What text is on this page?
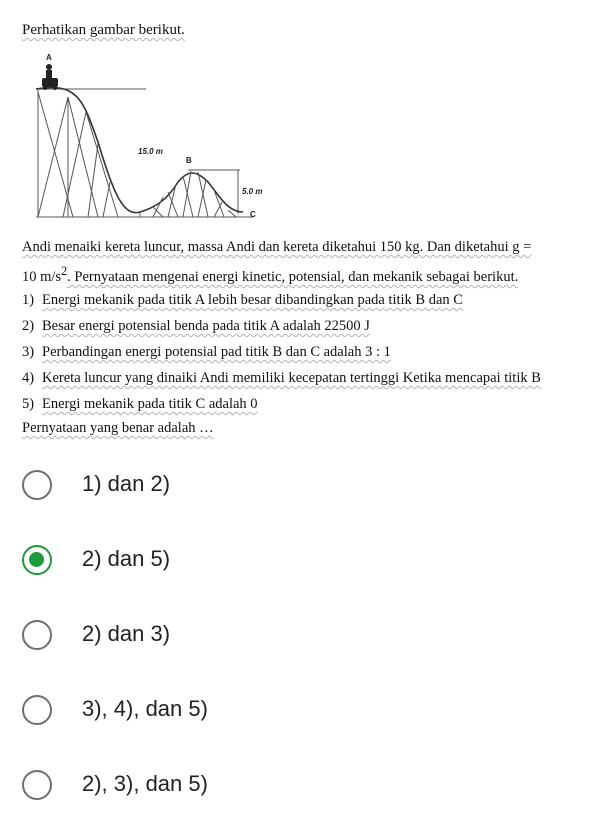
Perhatikan gambar berikut.
A
B
C
15.0 m
5.0 m
Andi menaiki kereta luncur, massa Andi dan kereta diketahui 150 kg. Dan diketahui g =
10 $m/s^2$. Pernyataan mengenai energi kinetic, potensial, dan mekanik sebagai berikut.
1) Energi mekanik pada titik A lebih besar dibandingkan pada titik B dan C
2) Besar energi potensial benda pada titik A adalah 22500 J
3) Perbandingan energi potensial pad titik B dan C adalah 3 : 1
4) Kereta luncur yang dinaiki Andi memiliki kecepatan tertinggi Ketika mencapai titik B
5) Energi mekanik pada titik C adalah 0
Pernyataan yang benar adalah …
1) dan 2)
2) dan 5)
2) dan 3)
3), 4), dan 5)
2), 3), dan 5)
